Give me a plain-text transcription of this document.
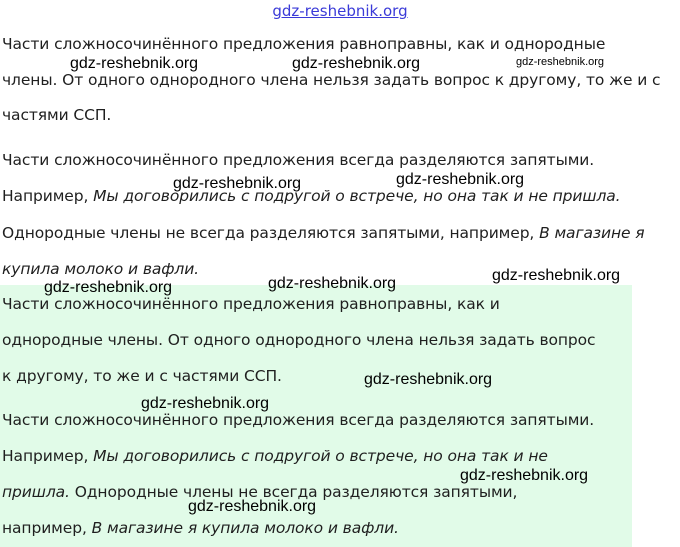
gdz-reshebnik.org
Части сложносочинённого предложения равноправны, как и однородные
члены. От одного однородного члена нельзя задать вопрос к другому, то же и с
частями ССП.
Части сложносочинённого предложения всегда разделяются запятыми.
Например, Мы договорились с подругой о встрече, но она так и не пришла.
Однородные члены не всегда разделяются запятыми, например, В магазине я
купила молоко и вафли.
Части сложносочинённого предложения равноправны, как и
однородные члены. От одного однородного члена нельзя задать вопрос
к другому, то же и с частями ССП.
Части сложносочинённого предложения всегда разделяются запятыми.
Например, Мы договорились с подругой о встрече, но она так и не
пришла. Однородные члены не всегда разделяются запятыми,
например, В магазине я купила молоко и вафли.
gdz-reshebnik.org	gdz-reshebnik.org	gdz-reshebnik.org
gdz-reshebnik.org	gdz-reshebnik.org
gdz-reshebnik.org	gdz-reshebnik.org
gdz-reshebnik.org
gdz-reshebnik.org
gdz-reshebnik.org
gdz-reshebnik.org
gdz-reshebnik.org
